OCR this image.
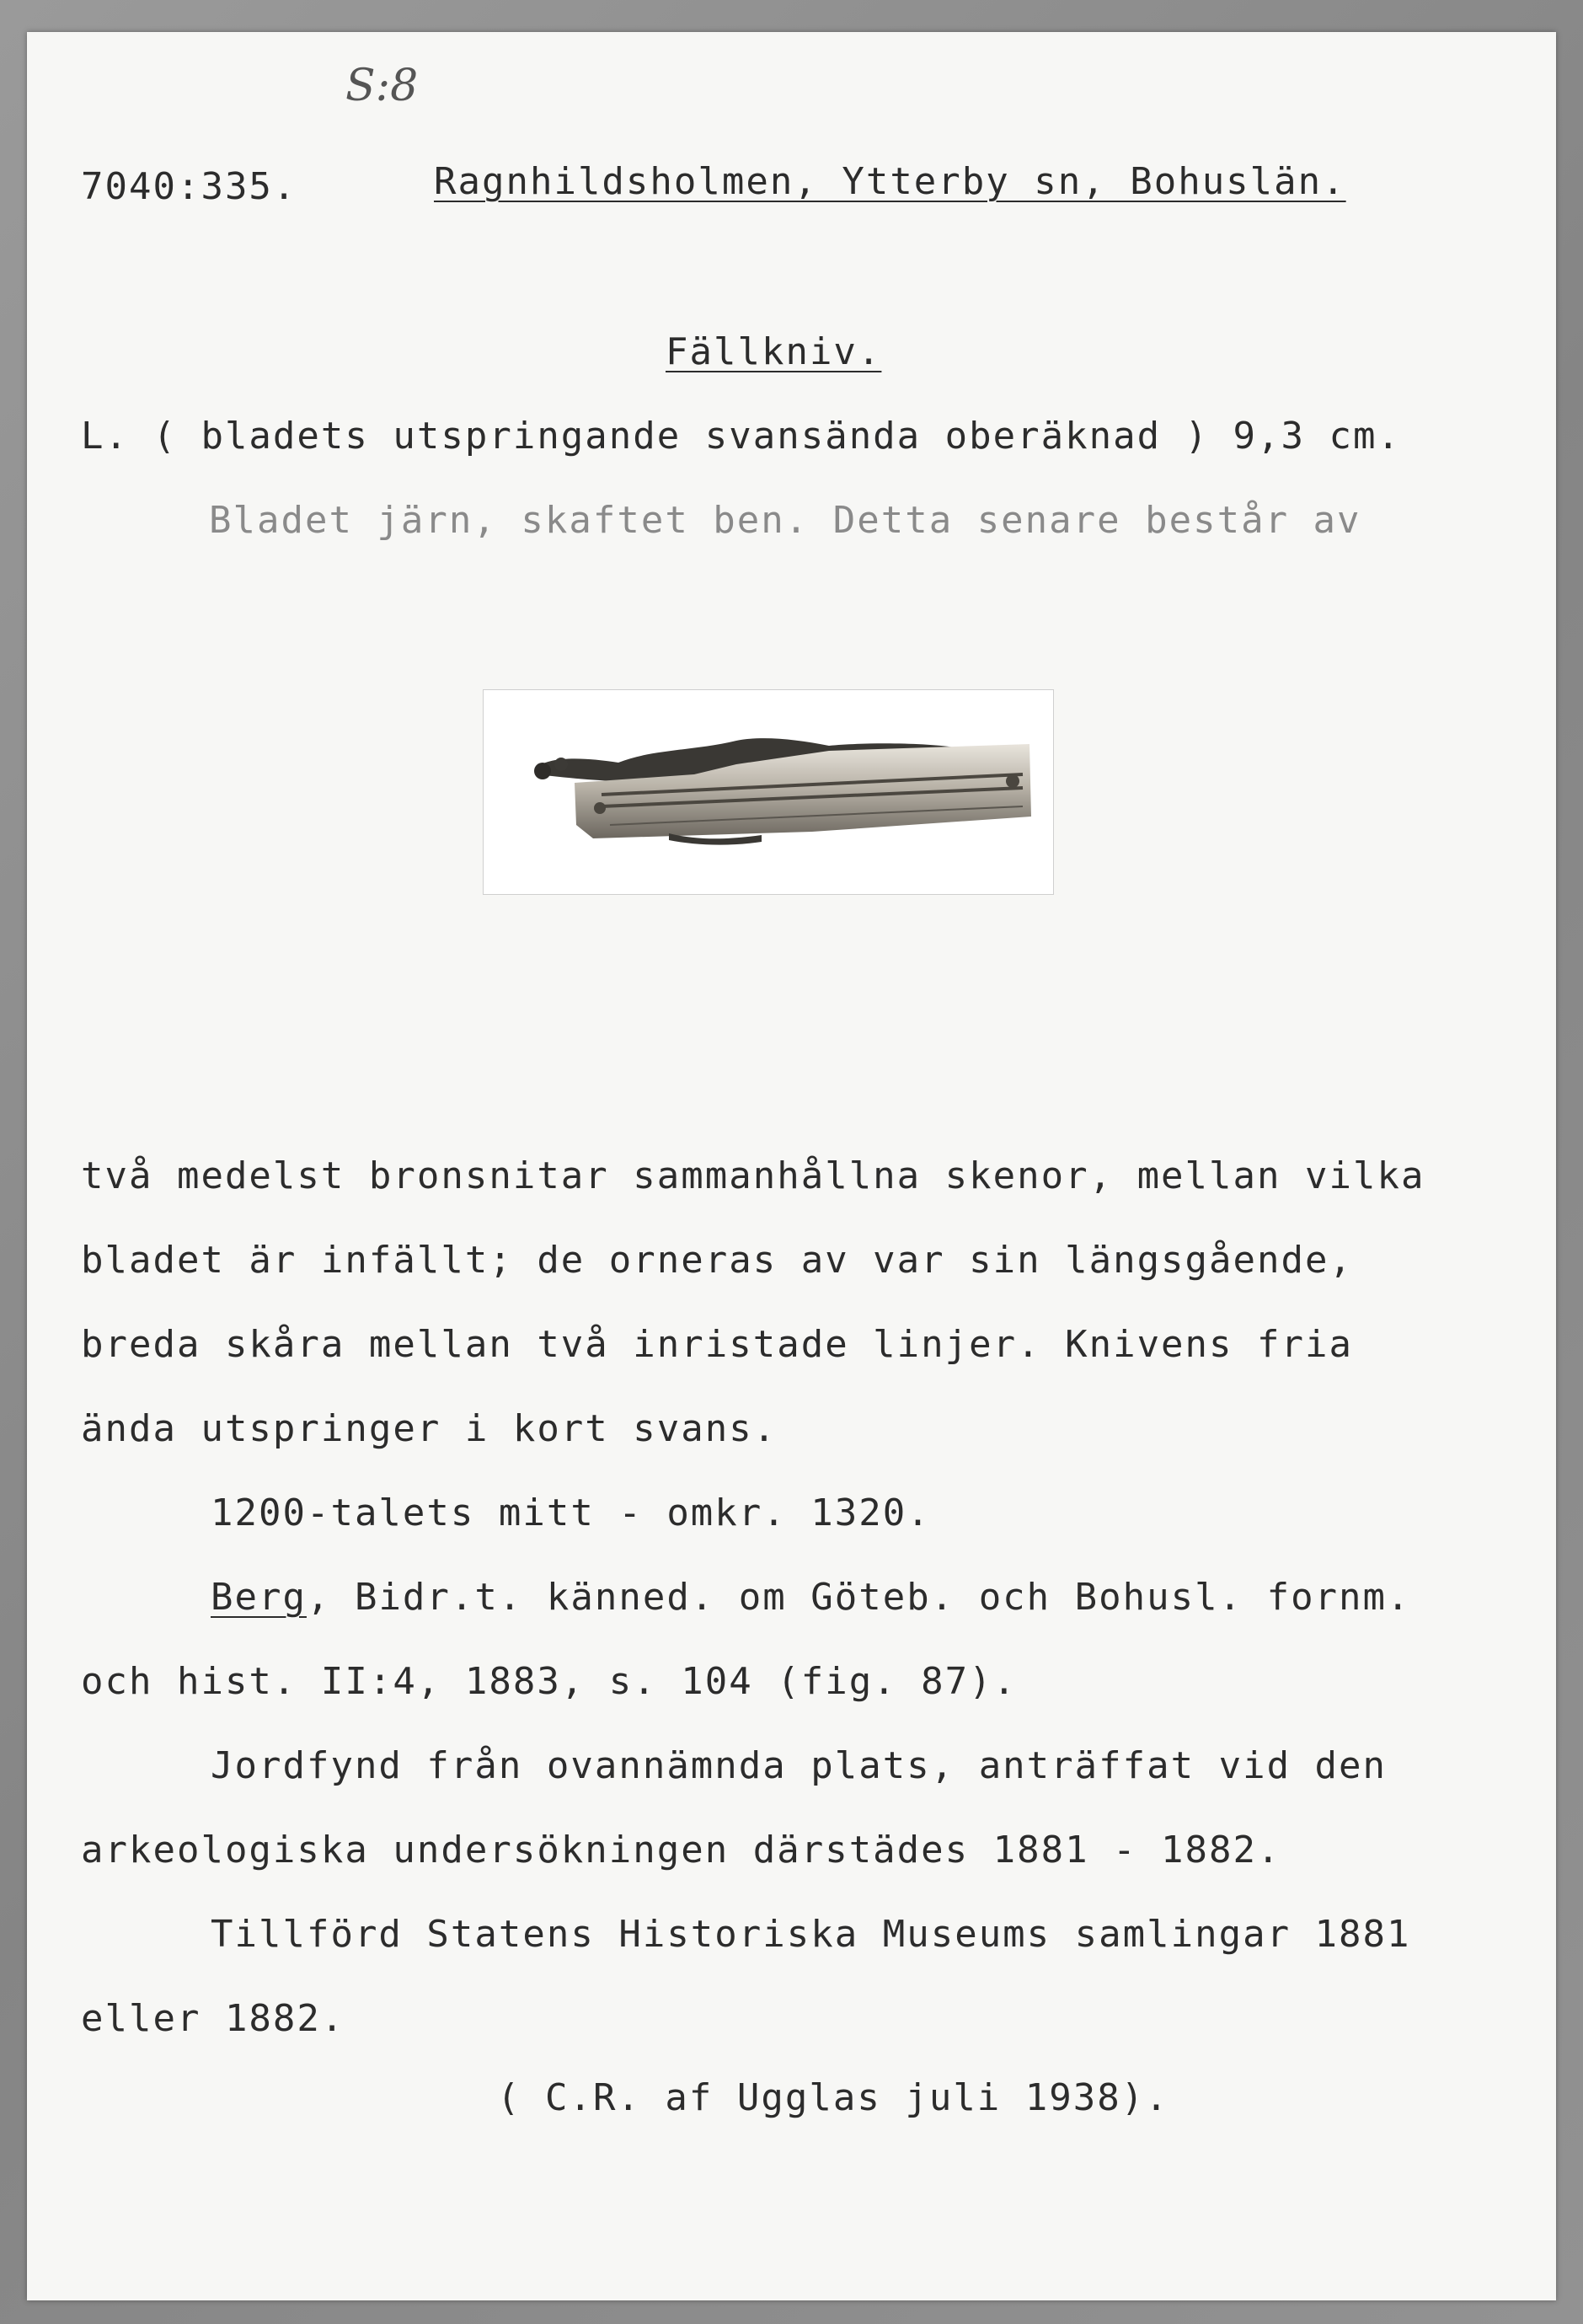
S:8
7040:335.	Ragnhildsholmen, Ytterby sn, Bohuslän.
Fällkniv.
L. ( bladets utspringande svansända oberäknad ) 9,3 cm.
Bladet järn, skaftet ben. Detta senare består av
två medelst bronsnitar sammanhållna skenor, mellan vilka
bladet är infällt; de orneras av var sin längsgående,
breda skåra mellan två inristade linjer. Knivens fria
ända utspringer i kort svans.
1200-talets mitt - omkr. 1320.
Berg, Bidr.t. känned. om Göteb. och Bohusl. fornm.
och hist. II:4, 1883, s. 104 (fig. 87).
Jordfynd från ovannämnda plats, anträffat vid den
arkeologiska undersökningen därstädes 1881 - 1882.
Tillförd Statens Historiska Museums samlingar 1881
eller 1882.
( C.R. af Ugglas juli 1938).
